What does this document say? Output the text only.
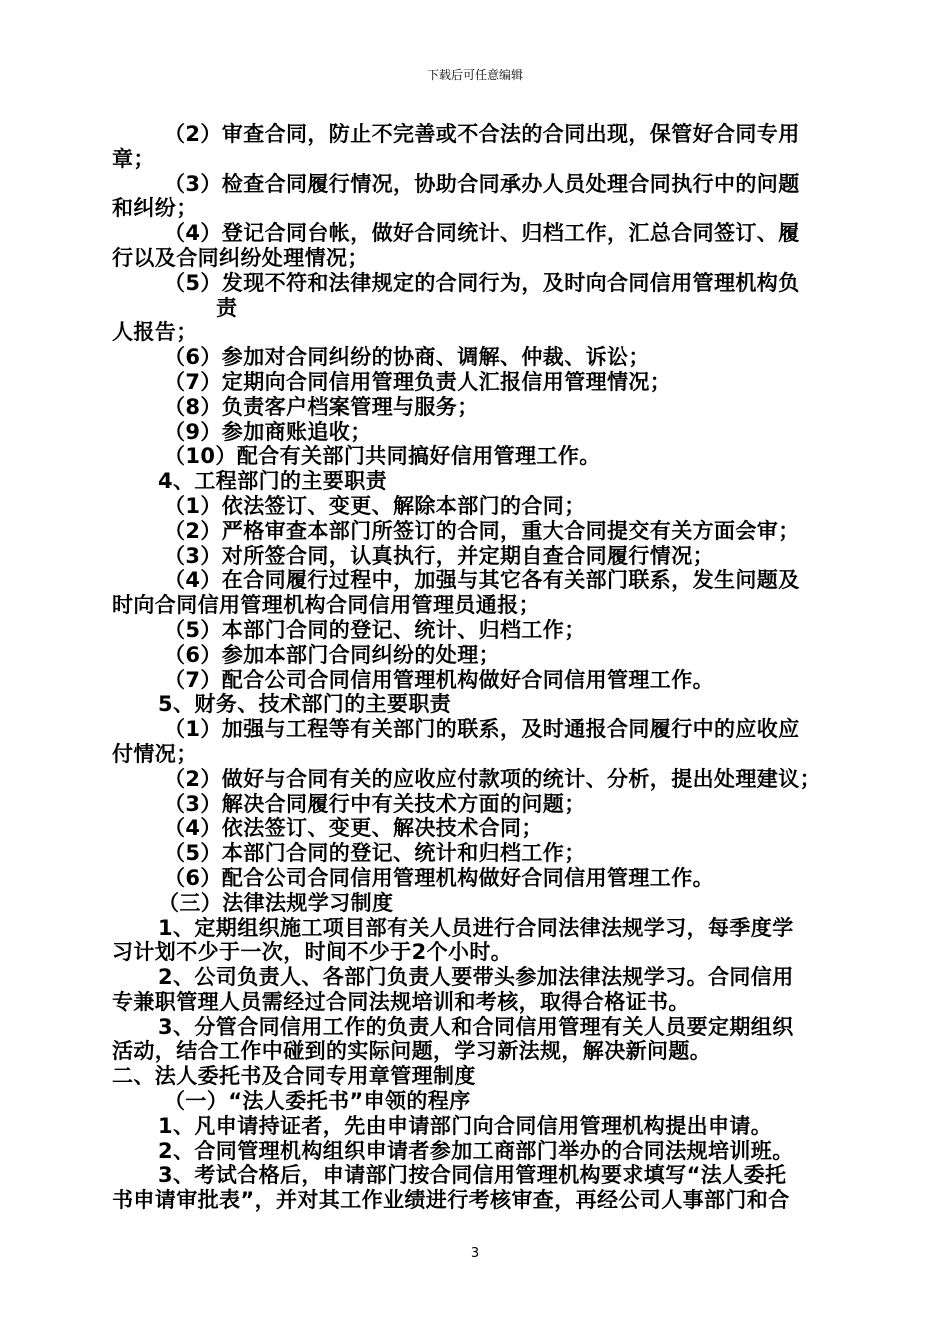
下载后可任意编辑
（2）审查合同，防止不完善或不合法的合同出现，保管好合同专用
章；
（3）检查合同履行情况，协助合同承办人员处理合同执行中的问题
和纠纷；
（4）登记合同台帐，做好合同统计、归档工作，汇总合同签订、履
行以及合同纠纷处理情况；
（5）发现不符和法律规定的合同行为，及时向合同信用管理机构负
责
人报告；
（6）参加对合同纠纷的协商、调解、仲裁、诉讼；
（7）定期向合同信用管理负责人汇报信用管理情况；
（8）负责客户档案管理与服务；
（9）参加商账追收；
（10）配合有关部门共同搞好信用管理工作。
4、工程部门的主要职责
（1）依法签订、变更、解除本部门的合同；
（2）严格审查本部门所签订的合同，重大合同提交有关方面会审；
（3）对所签合同，认真执行，并定期自查合同履行情况；
（4）在合同履行过程中，加强与其它各有关部门联系，发生问题及
时向合同信用管理机构合同信用管理员通报；
（5）本部门合同的登记、统计、归档工作；
（6）参加本部门合同纠纷的处理；
（7）配合公司合同信用管理机构做好合同信用管理工作。
5、财务、技术部门的主要职责
（1）加强与工程等有关部门的联系，及时通报合同履行中的应收应
付情况；
（2）做好与合同有关的应收应付款项的统计、分析，提出处理建议；
（3）解决合同履行中有关技术方面的问题；
（4）依法签订、变更、解决技术合同；
（5）本部门合同的登记、统计和归档工作；
（6）配合公司合同信用管理机构做好合同信用管理工作。
（三）法律法规学习制度
1、定期组织施工项目部有关人员进行合同法律法规学习，每季度学
习计划不少于一次，时间不少于2个小时。
2、公司负责人、各部门负责人要带头参加法律法规学习。合同信用
专兼职管理人员需经过合同法规培训和考核，取得合格证书。
3、分管合同信用工作的负责人和合同信用管理有关人员要定期组织
活动，结合工作中碰到的实际问题，学习新法规，解决新问题。
二、法人委托书及合同专用章管理制度
（一）“法人委托书”申领的程序
1、凡申请持证者，先由申请部门向合同信用管理机构提出申请。
2、合同管理机构组织申请者参加工商部门举办的合同法规培训班。
3、考试合格后，申请部门按合同信用管理机构要求填写“法人委托
书申请审批表”，并对其工作业绩进行考核审查，再经公司人事部门和合
3
